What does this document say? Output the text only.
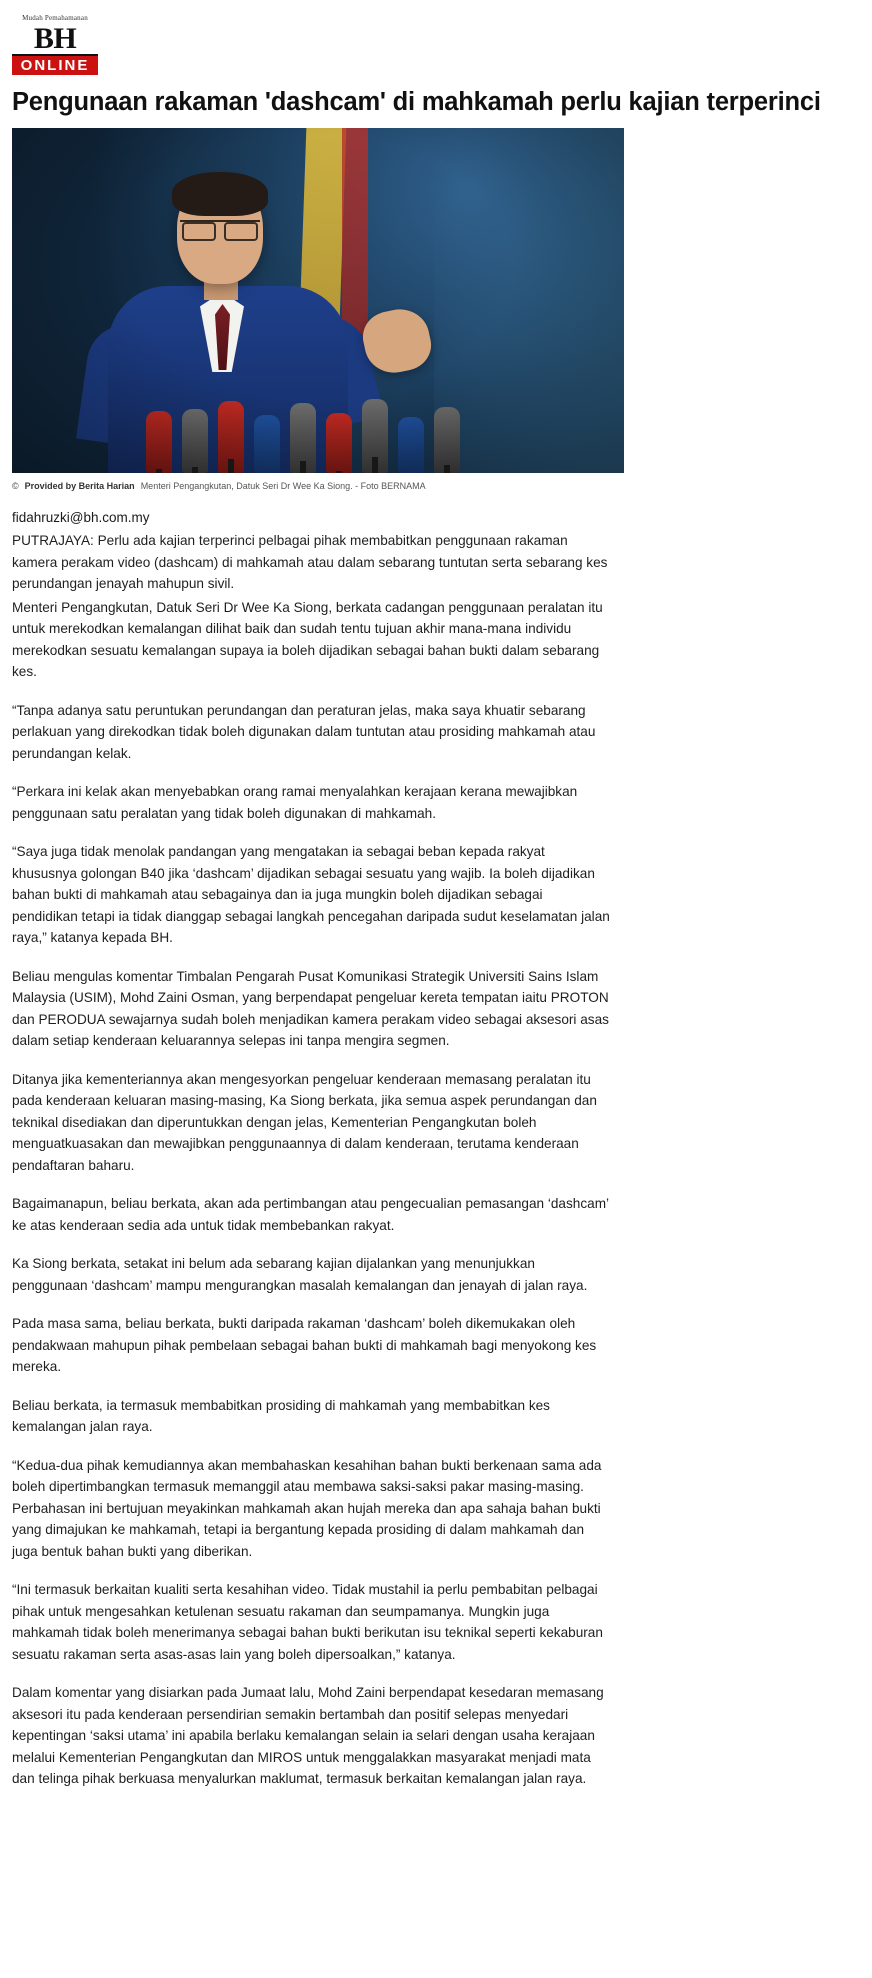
Mudah Pemahamanan
BH
ONLINE
Pengunaan rakaman 'dashcam' di mahkamah perlu kajian terperinci
© Provided by Berita Harian Menteri Pengangkutan, Datuk Seri Dr Wee Ka Siong. - Foto BERNAMA
fidahruzki@bh.com.my

PUTRAJAYA: Perlu ada kajian terperinci pelbagai pihak membabitkan penggunaan rakaman kamera perakam video (dashcam) di mahkamah atau dalam sebarang tuntutan serta sebarang kes perundangan jenayah mahupun sivil.

Menteri Pengangkutan, Datuk Seri Dr Wee Ka Siong, berkata cadangan penggunaan peralatan itu untuk merekodkan kemalangan dilihat baik dan sudah tentu tujuan akhir mana-mana individu merekodkan sesuatu kemalangan supaya ia boleh dijadikan sebagai bahan bukti dalam sebarang kes.

“Tanpa adanya satu peruntukan perundangan dan peraturan jelas, maka saya khuatir sebarang perlakuan yang direkodkan tidak boleh digunakan dalam tuntutan atau prosiding mahkamah atau perundangan kelak.

“Perkara ini kelak akan menyebabkan orang ramai menyalahkan kerajaan kerana mewajibkan penggunaan satu peralatan yang tidak boleh digunakan di mahkamah.

“Saya juga tidak menolak pandangan yang mengatakan ia sebagai beban kepada rakyat khususnya golongan B40 jika ‘dashcam’ dijadikan sebagai sesuatu yang wajib. Ia boleh dijadikan bahan bukti di mahkamah atau sebagainya dan ia juga mungkin boleh dijadikan sebagai pendidikan tetapi ia tidak dianggap sebagai langkah pencegahan daripada sudut keselamatan jalan raya,” katanya kepada BH.

Beliau mengulas komentar Timbalan Pengarah Pusat Komunikasi Strategik Universiti Sains Islam Malaysia (USIM), Mohd Zaini Osman, yang berpendapat pengeluar kereta tempatan iaitu PROTON dan PERODUA sewajarnya sudah boleh menjadikan kamera perakam video sebagai aksesori asas dalam setiap kenderaan keluarannya selepas ini tanpa mengira segmen.

Ditanya jika kementeriannya akan mengesyorkan pengeluar kenderaan memasang peralatan itu pada kenderaan keluaran masing-masing, Ka Siong berkata, jika semua aspek perundangan dan teknikal disediakan dan diperuntukkan dengan jelas, Kementerian Pengangkutan boleh menguatkuasakan dan mewajibkan penggunaannya di dalam kenderaan, terutama kenderaan pendaftaran baharu.

Bagaimanapun, beliau berkata, akan ada pertimbangan atau pengecualian pemasangan ‘dashcam’ ke atas kenderaan sedia ada untuk tidak membebankan rakyat.

Ka Siong berkata, setakat ini belum ada sebarang kajian dijalankan yang menunjukkan penggunaan ‘dashcam’ mampu mengurangkan masalah kemalangan dan jenayah di jalan raya.

Pada masa sama, beliau berkata, bukti daripada rakaman ‘dashcam’ boleh dikemukakan oleh pendakwaan mahupun pihak pembelaan sebagai bahan bukti di mahkamah bagi menyokong kes mereka.

Beliau berkata, ia termasuk membabitkan prosiding di mahkamah yang membabitkan kes kemalangan jalan raya.

“Kedua-dua pihak kemudiannya akan membahaskan kesahihan bahan bukti berkenaan sama ada boleh dipertimbangkan termasuk memanggil atau membawa saksi-saksi pakar masing-masing. Perbahasan ini bertujuan meyakinkan mahkamah akan hujah mereka dan apa sahaja bahan bukti yang dimajukan ke mahkamah, tetapi ia bergantung kepada prosiding di dalam mahkamah dan juga bentuk bahan bukti yang diberikan.

“Ini termasuk berkaitan kualiti serta kesahihan video. Tidak mustahil ia perlu pembabitan pelbagai pihak untuk mengesahkan ketulenan sesuatu rakaman dan seumpamanya. Mungkin juga mahkamah tidak boleh menerimanya sebagai bahan bukti berikutan isu teknikal seperti kekaburan sesuatu rakaman serta asas-asas lain yang boleh dipersoalkan,” katanya.

Dalam komentar yang disiarkan pada Jumaat lalu, Mohd Zaini berpendapat kesedaran memasang aksesori itu pada kenderaan persendirian semakin bertambah dan positif selepas menyedari kepentingan ‘saksi utama’ ini apabila berlaku kemalangan selain ia selari dengan usaha kerajaan melalui Kementerian Pengangkutan dan MIROS untuk menggalakkan masyarakat menjadi mata dan telinga pihak berkuasa menyalurkan maklumat, termasuk berkaitan kemalangan jalan raya.
